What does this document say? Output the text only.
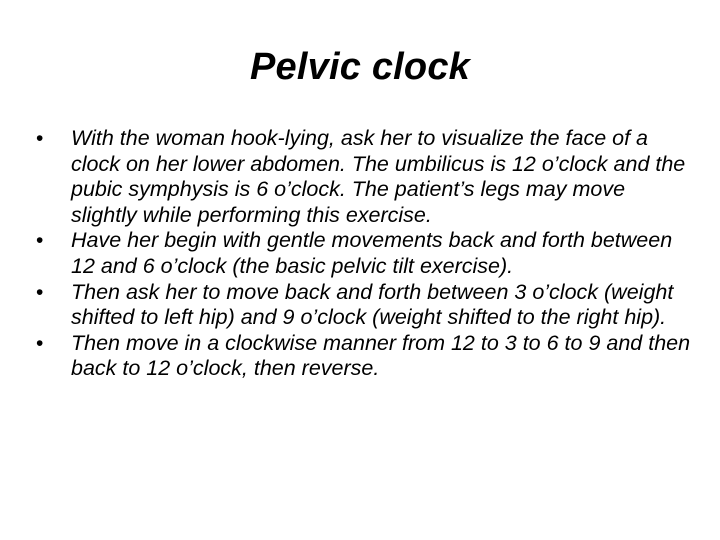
Pelvic clock
•	With the woman hook-lying, ask her to visualize the face of a clock on her lower abdomen. The umbilicus is 12 o’clock and the pubic symphysis is 6 o’clock. The patient’s legs may move slightly while performing this exercise.
•	Have her begin with gentle movements back and forth between 12 and 6 o’clock (the basic pelvic tilt exercise).
•	Then ask her to move back and forth between 3 o’clock (weight shifted to left hip) and 9 o’clock (weight shifted to the right hip).
•	Then move in a clockwise manner from 12 to 3 to 6 to 9 and then back to 12 o’clock, then reverse.
